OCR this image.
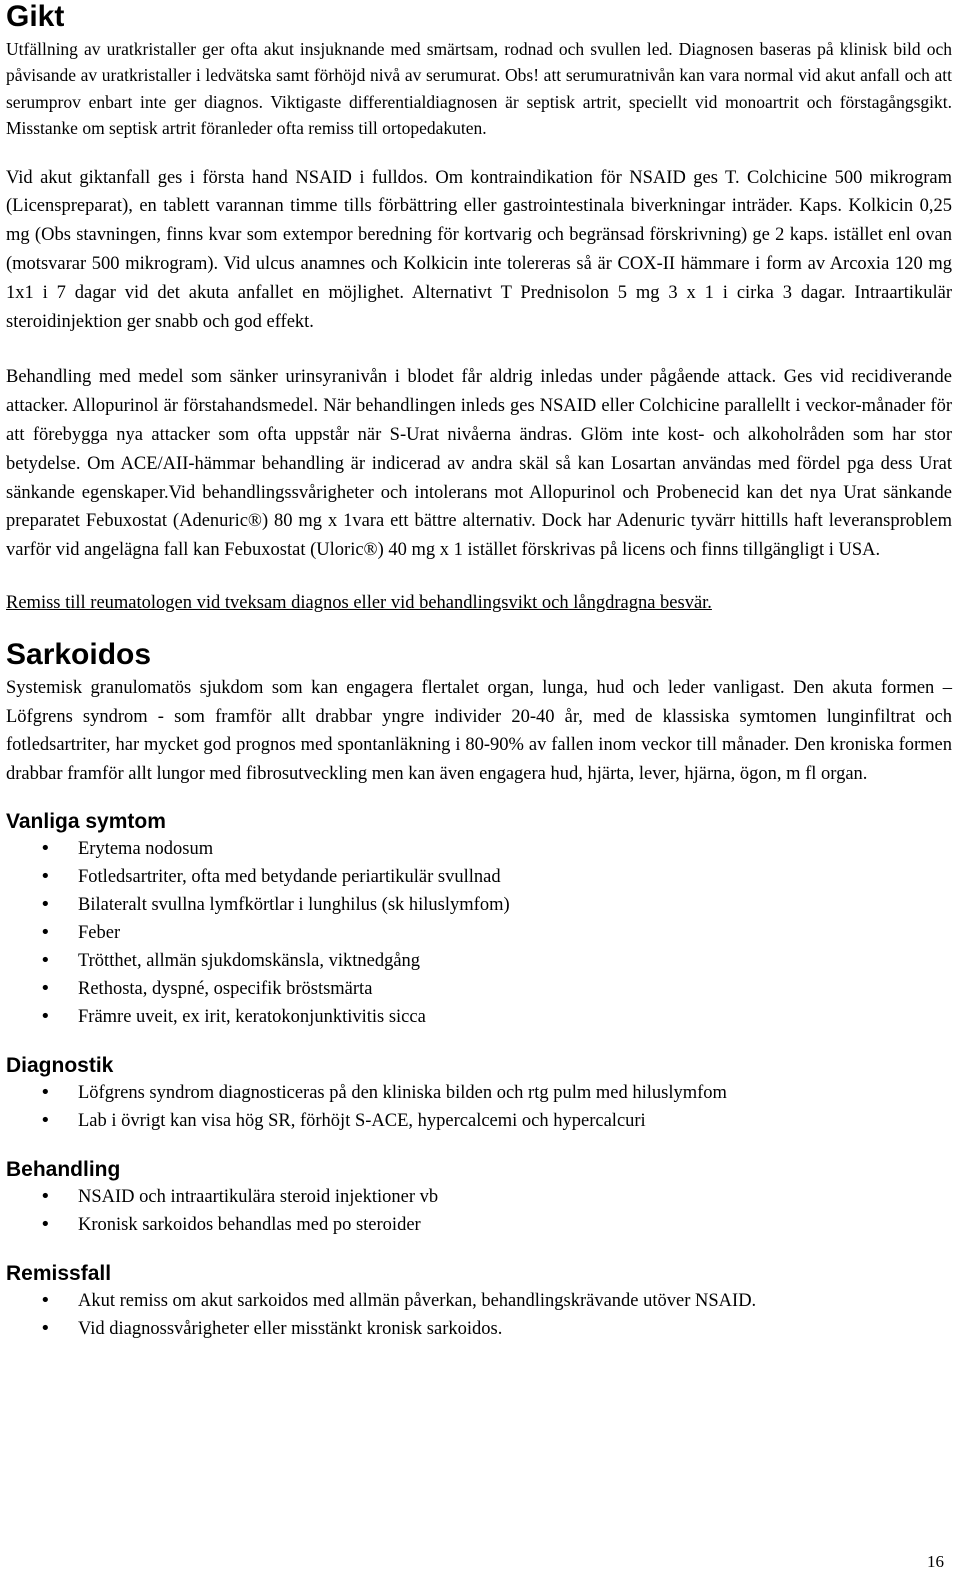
Gikt

Utfällning av uratkristaller ger ofta akut insjuknande med smärtsam, rodnad och svullen led. Diagnosen baseras på klinisk bild och påvisande av uratkristaller i ledvätska samt förhöjd nivå av serumurat. Obs! att serumuratnivån kan vara normal vid akut anfall och att serumprov enbart inte ger diagnos. Viktigaste differentialdiagnosen är septisk artrit, speciellt vid monoartrit och förstagångsgikt. Misstanke om septisk artrit föranleder ofta remiss till ortopedakuten.

Vid akut giktanfall ges i första hand NSAID i fulldos. Om kontraindikation för NSAID ges T. Colchicine 500 mikrogram (Licenspreparat), en tablett varannan timme tills förbättring eller gastrointestinala biverkningar inträder. Kaps. Kolkicin 0,25 mg (Obs stavningen, finns kvar som extempor beredning för kortvarig och begränsad förskrivning) ge 2 kaps. istället enl ovan (motsvarar 500 mikrogram). Vid ulcus anamnes och Kolkicin inte tolereras så är COX-II hämmare i form av Arcoxia 120 mg 1x1 i 7 dagar vid det akuta anfallet en möjlighet. Alternativt T Prednisolon 5 mg 3 x 1 i cirka 3 dagar. Intraartikulär steroidinjektion ger snabb och god effekt.

Behandling med medel som sänker urinsyranivån i blodet får aldrig inledas under pågående attack. Ges vid recidiverande attacker. Allopurinol är förstahandsmedel. När behandlingen inleds ges NSAID eller Colchicine parallellt i veckor-månader för att förebygga nya attacker som ofta uppstår när S-Urat nivåerna ändras. Glöm inte kost- och alkoholråden som har stor betydelse. Om ACE/AII-hämmar behandling är indicerad av andra skäl så kan Losartan användas med fördel pga dess Urat sänkande egenskaper.Vid behandlingssvårigheter och intolerans mot Allopurinol och Probenecid kan det nya Urat sänkande preparatet Febuxostat (Adenuric®) 80 mg x 1vara ett bättre alternativ. Dock har Adenuric tyvärr hittills haft leveransproblem varför vid angelägna fall kan Febuxostat (Uloric®) 40 mg x 1 istället förskrivas på licens och finns tillgängligt i USA.

Remiss till reumatologen vid tveksam diagnos eller vid behandlingsvikt och långdragna besvär.

Sarkoidos

Systemisk granulomatös sjukdom som kan engagera flertalet organ, lunga, hud och leder vanligast. Den akuta formen – Löfgrens syndrom - som framför allt drabbar yngre individer 20-40 år, med de klassiska symtomen lunginfiltrat och fotledsartriter, har mycket god prognos med spontanläkning i 80-90% av fallen inom veckor till månader. Den kroniska formen drabbar framför allt lungor med fibrosutveckling men kan även engagera hud, hjärta, lever, hjärna, ögon, m fl organ.

Vanliga symtom
• Erytema nodosum
• Fotledsartriter, ofta med betydande periartikulär svullnad
• Bilateralt svullna lymfkörtlar i lunghilus (sk hiluslymfom)
• Feber
• Trötthet, allmän sjukdomskänsla, viktnedgång
• Rethosta, dyspné, ospecifik bröstsmärta
• Främre uveit, ex irit, keratokonjunktivitis sicca
Diagnostik
• Löfgrens syndrom diagnosticeras på den kliniska bilden och rtg pulm med hiluslymfom
• Lab i övrigt kan visa hög SR, förhöjt S-ACE, hypercalcemi och hypercalcuri
Behandling
• NSAID och intraartikulära steroid injektioner vb
• Kronisk sarkoidos behandlas med po steroider
Remissfall
• Akut remiss om akut sarkoidos med allmän påverkan, behandlingskrävande utöver NSAID.
• Vid diagnossvårigheter eller misstänkt kronisk sarkoidos.
16
